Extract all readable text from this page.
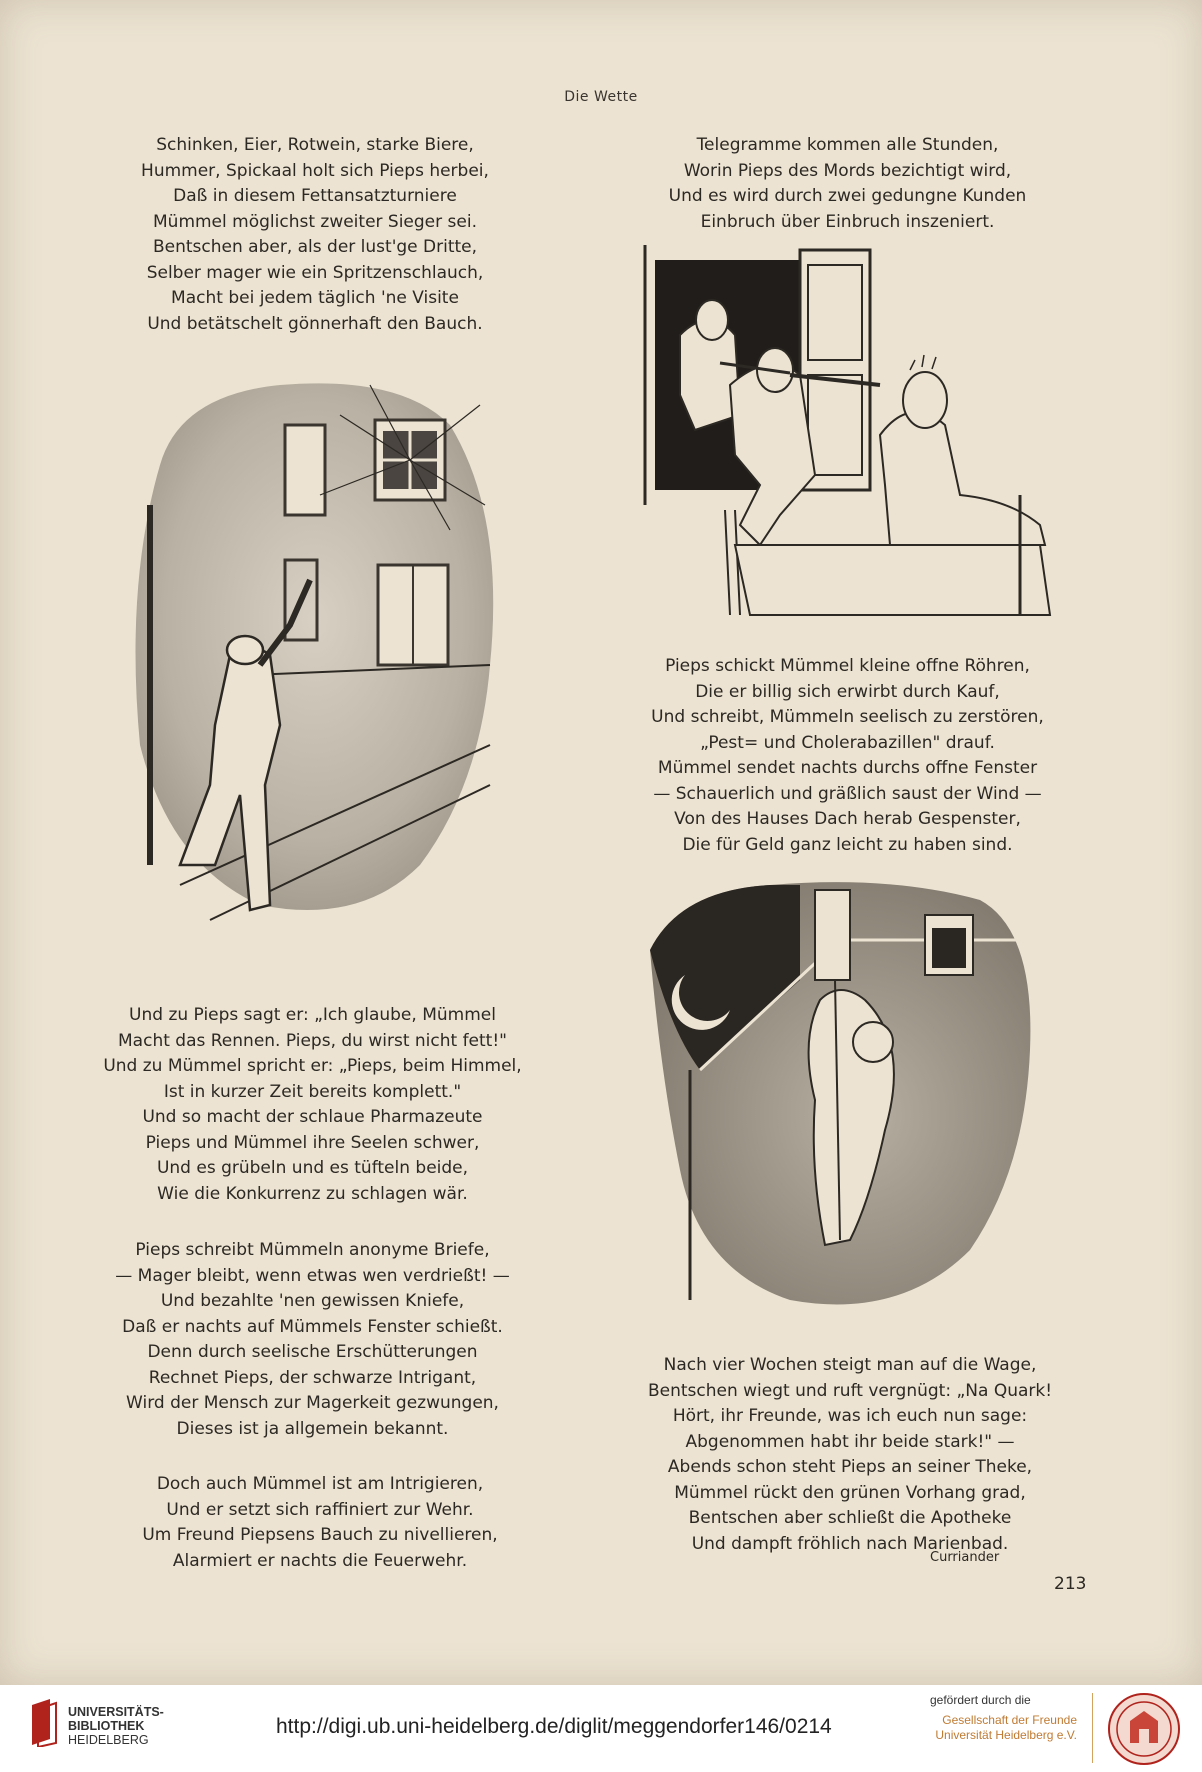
Die Wette
Schinken, Eier, Rotwein, starke Biere,
Hummer, Spickaal holt sich Pieps herbei,
Daß in diesem Fettansatzturniere
Mümmel möglichst zweiter Sieger sei.
Bentschen aber, als der lust'ge Dritte,
Selber mager wie ein Spritzenschlauch,
Macht bei jedem täglich 'ne Visite
Und betätschelt gönnerhaft den Bauch.
Telegramme kommen alle Stunden,
Worin Pieps des Mords bezichtigt wird,
Und es wird durch zwei gedungne Kunden
Einbruch über Einbruch inszeniert.
Pieps schickt Mümmel kleine offne Röhren,
Die er billig sich erwirbt durch Kauf,
Und schreibt, Mümmeln seelisch zu zerstören,
„Pest= und Cholerabazillen" drauf.
Mümmel sendet nachts durchs offne Fenster
— Schauerlich und gräßlich saust der Wind —
Von des Hauses Dach herab Gespenster,
Die für Geld ganz leicht zu haben sind.
Und zu Pieps sagt er: „Ich glaube, Mümmel
Macht das Rennen. Pieps, du wirst nicht fett!"
Und zu Mümmel spricht er: „Pieps, beim Himmel,
Ist in kurzer Zeit bereits komplett."
Und so macht der schlaue Pharmazeute
Pieps und Mümmel ihre Seelen schwer,
Und es grübeln und es tüfteln beide,
Wie die Konkurrenz zu schlagen wär.
Pieps schreibt Mümmeln anonyme Briefe,
— Mager bleibt, wenn etwas wen verdrießt! —
Und bezahlte 'nen gewissen Kniefe,
Daß er nachts auf Mümmels Fenster schießt.
Denn durch seelische Erschütterungen
Rechnet Pieps, der schwarze Intrigant,
Wird der Mensch zur Magerkeit gezwungen,
Dieses ist ja allgemein bekannt.
Doch auch Mümmel ist am Intrigieren,
Und er setzt sich raffiniert zur Wehr.
Um Freund Piepsens Bauch zu nivellieren,
Alarmiert er nachts die Feuerwehr.
Nach vier Wochen steigt man auf die Wage,
Bentschen wiegt und ruft vergnügt: „Na Quark!
Hört, ihr Freunde, was ich euch nun sage:
Abgenommen habt ihr beide stark!" —
Abends schon steht Pieps an seiner Theke,
Mümmel rückt den grünen Vorhang grad,
Bentschen aber schließt die Apotheke
Und dampft fröhlich nach Marienbad.
Curriander
213
UNIVERSITÄTS-
BIBLIOTHEK
HEIDELBERG
http://digi.ub.uni-heidelberg.de/diglit/meggendorfer146/0214
gefördert durch die
Gesellschaft der Freunde
Universität Heidelberg e.V.
